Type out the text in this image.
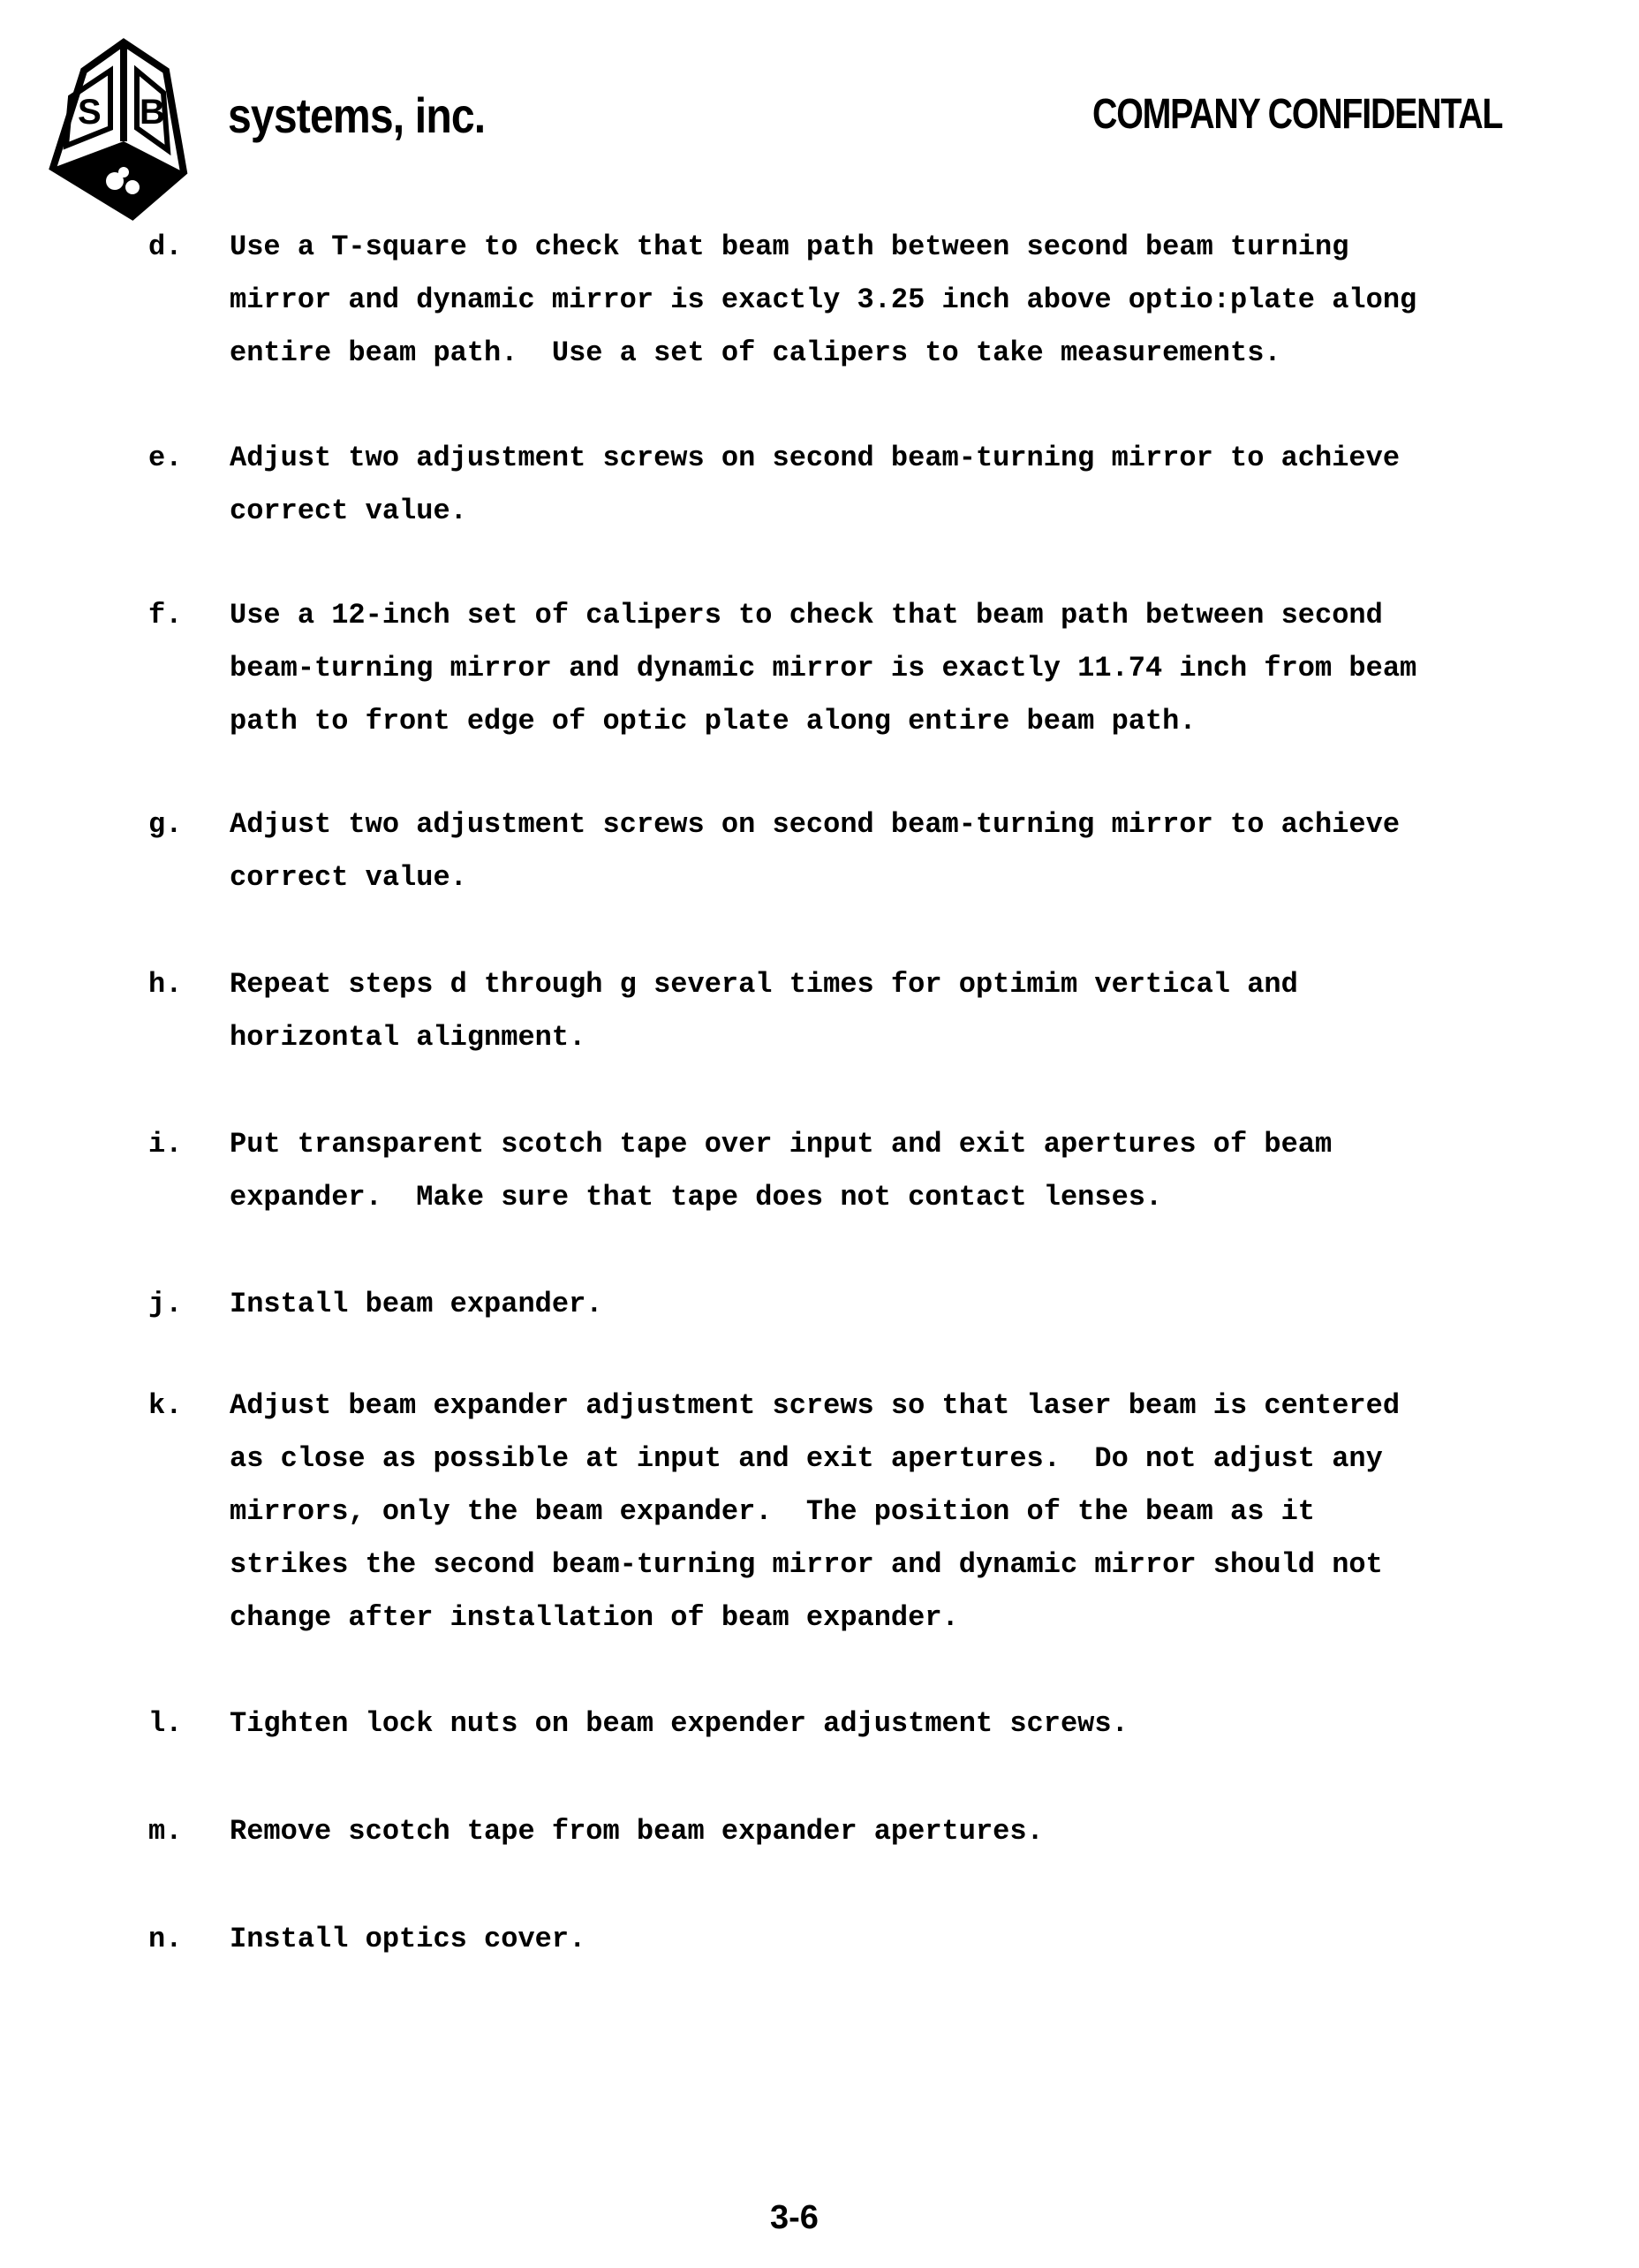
S B systems, inc.	COMPANY CONFIDENTAL
d. Use a T-square to check that beam path between second beam turning
mirror and dynamic mirror is exactly 3.25 inch above optio:plate along
entire beam path.  Use a set of calipers to take measurements.
e. Adjust two adjustment screws on second beam-turning mirror to achieve
correct value.
f. Use a 12-inch set of calipers to check that beam path between second
beam-turning mirror and dynamic mirror is exactly 11.74 inch from beam
path to front edge of optic plate along entire beam path.
g. Adjust two adjustment screws on second beam-turning mirror to achieve
correct value.
h. Repeat steps d through g several times for optimim vertical and
horizontal alignment.
i. Put transparent scotch tape over input and exit apertures of beam
expander.  Make sure that tape does not contact lenses.
j. Install beam expander.
k. Adjust beam expander adjustment screws so that laser beam is centered
as close as possible at input and exit apertures.  Do not adjust any
mirrors, only the beam expander.  The position of the beam as it
strikes the second beam-turning mirror and dynamic mirror should not
change after installation of beam expander.
l. Tighten lock nuts on beam expender adjustment screws.
m. Remove scotch tape from beam expander apertures.
n. Install optics cover.
3-6
